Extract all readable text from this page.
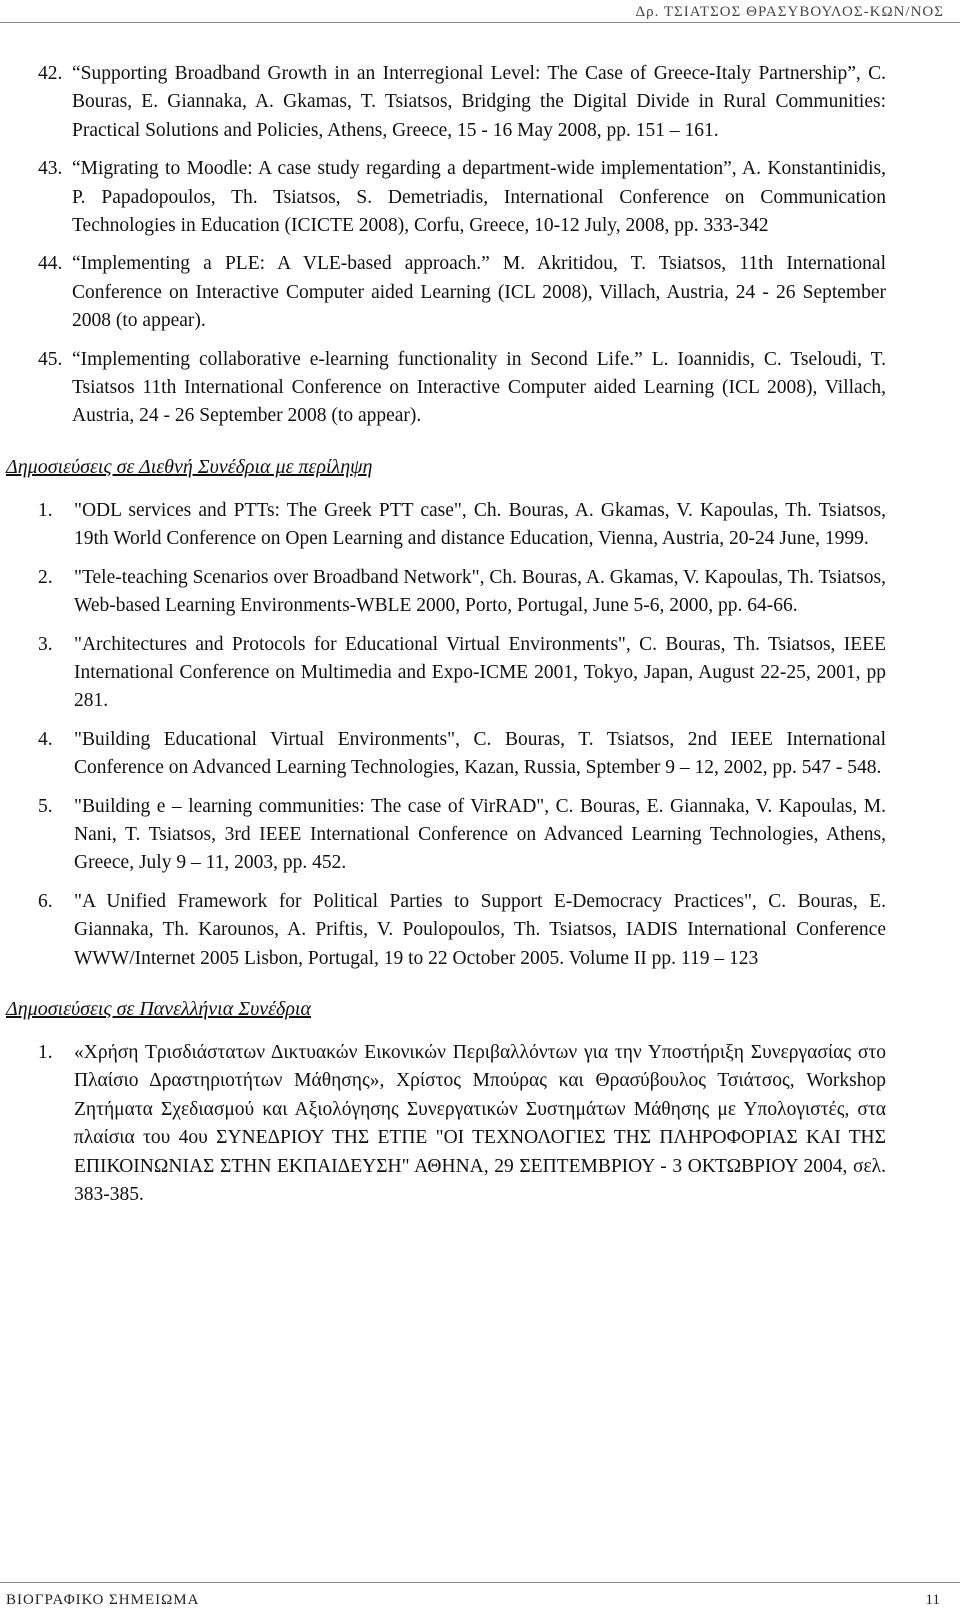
Δρ. ΤΣΙΑΤΣΟΣ ΘΡΑΣΥΒΟΥΛΟΣ-ΚΩΝ/ΝΟΣ
42. “Supporting Broadband Growth in an Interregional Level: The Case of Greece-Italy Partnership”, C. Bouras, E. Giannaka, A. Gkamas, T. Tsiatsos, Bridging the Digital Divide in Rural Communities: Practical Solutions and Policies, Athens, Greece, 15 - 16 May 2008, pp. 151 – 161.
43. “Migrating to Moodle: A case study regarding a department-wide implementation”, A. Konstantinidis, P. Papadopoulos, Th. Tsiatsos, S. Demetriadis, International Conference on Communication Technologies in Education (ICICTE 2008), Corfu, Greece, 10-12 July, 2008, pp. 333-342
44. “Implementing a PLE: A VLE-based approach.” M. Akritidou, T. Tsiatsos, 11th International Conference on Interactive Computer aided Learning (ICL 2008), Villach, Austria, 24 - 26 September 2008 (to appear).
45. “Implementing collaborative e-learning functionality in Second Life.” L. Ioannidis, C. Tseloudi, T. Tsiatsos 11th International Conference on Interactive Computer aided Learning (ICL 2008), Villach, Austria, 24 - 26 September 2008 (to appear).
Δημοσιεύσεις σε Διεθνή Συνέδρια με περίληψη
1.	"ODL services and PTTs: The Greek PTT case", Ch. Bouras, A. Gkamas, V. Kapoulas, Th. Tsiatsos, 19th World Conference on Open Learning and distance Education, Vienna, Austria, 20-24 June, 1999.
2.	"Tele-teaching Scenarios over Broadband Network", Ch. Bouras, A. Gkamas, V. Kapoulas, Th. Tsiatsos, Web-based Learning Environments-WBLE 2000, Porto, Portugal, June 5-6, 2000, pp. 64-66.
3.	"Architectures and Protocols for Educational Virtual Environments", C. Bouras, Th. Tsiatsos, IEEE International Conference on Multimedia and Expo-ICME 2001, Tokyo, Japan, August 22-25, 2001, pp 281.
4.	"Building Educational Virtual Environments", C. Bouras, T. Tsiatsos, 2nd IEEE International Conference on Advanced Learning Technologies, Kazan, Russia, Sptember 9 – 12, 2002, pp. 547 - 548.
5.	"Building e – learning communities: The case of VirRAD", C. Bouras, E. Giannaka, V. Kapoulas, M. Nani, T. Tsiatsos, 3rd IEEE International Conference on Advanced Learning Technologies, Athens, Greece, July 9 – 11, 2003, pp. 452.
6.	"A Unified Framework for Political Parties to Support E-Democracy Practices", C. Bouras, E. Giannaka, Th. Karounos, A. Priftis, V. Poulopoulos, Th. Tsiatsos, IADIS International Conference WWW/Internet 2005 Lisbon, Portugal, 19 to 22 October 2005. Volume II pp. 119 – 123
Δημοσιεύσεις σε Πανελλήνια Συνέδρια
1.	«Χρήση Τρισδιάστατων Δικτυακών Εικονικών Περιβαλλόντων για την Υποστήριξη Συνεργασίας στο Πλαίσιο Δραστηριοτήτων Μάθησης», Χρίστος Μπούρας και Θρασύβουλος Τσιάτσος, Workshop Ζητήματα Σχεδιασμού και Αξιολόγησης Συνεργατικών Συστημάτων Μάθησης με Υπολογιστές, στα πλαίσια του 4ου ΣΥΝΕΔΡΙΟΥ ΤΗΣ ΕΤΠΕ "ΟΙ ΤΕΧΝΟΛΟΓΙΕΣ ΤΗΣ ΠΛΗΡΟΦΟΡΙΑΣ ΚΑΙ ΤΗΣ ΕΠΙΚΟΙΝΩΝΙΑΣ ΣΤΗΝ ΕΚΠΑΙΔΕΥΣΗ" ΑΘΗΝΑ, 29 ΣΕΠΤΕΜΒΡΙΟΥ - 3 ΟΚΤΩΒΡΙΟΥ 2004, σελ. 383-385.
ΒΙΟΓΡΑΦΙΚΟ ΣΗΜΕΙΩΜΑ	11
